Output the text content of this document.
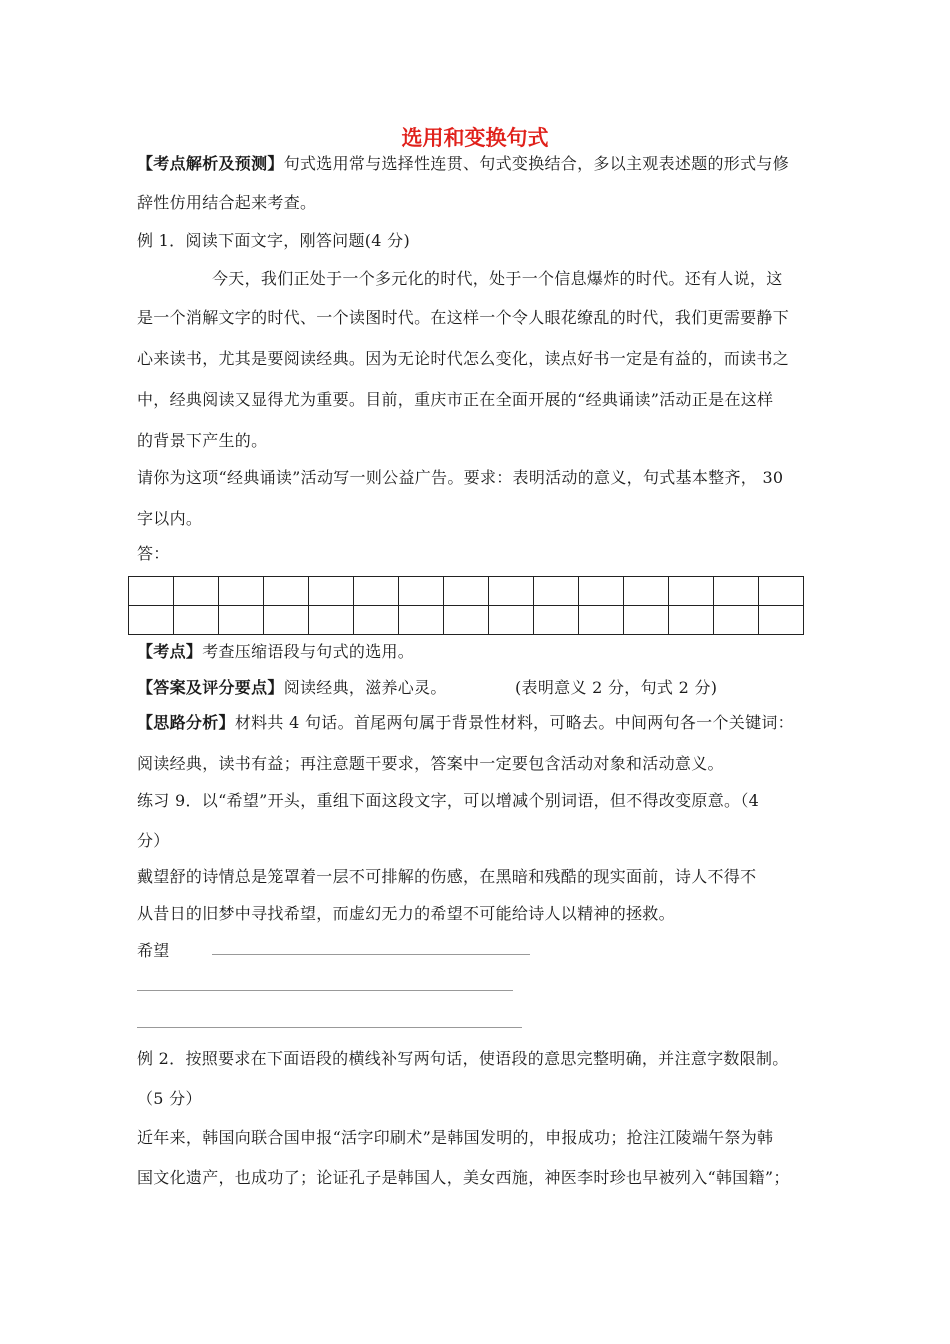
选用和变换句式
【考点解析及预测】句式选用常与选择性连贯、句式变换结合，多以主观表述题的形式与修
辞性仿用结合起来考查。
例 1．阅读下面文字，刚答问题(4 分)
今天，我们正处于一个多元化的时代，处于一个信息爆炸的时代。还有人说，这
是一个消解文字的时代、一个读图时代。在这样一个令人眼花缭乱的时代，我们更需要静下
心来读书，尤其是要阅读经典。因为无论时代怎么变化，读点好书一定是有益的，而读书之
中，经典阅读又显得尤为重要。目前，重庆市正在全面开展的“经典诵读”活动正是在这样
的背景下产生的。
请你为这项“经典诵读”活动写一则公益广告。要求：表明活动的意义，句式基本整齐， 30
字以内。
答：

【考点】考查压缩语段与句式的选用。
【答案及评分要点】阅读经典，滋养心灵。	(表明意义 2 分，句式 2 分)
【思路分析】材料共 4 句话。首尾两句属于背景性材料，可略去。中间两句各一个关键词：
阅读经典，读书有益；再注意题干要求，答案中一定要包含活动对象和活动意义。
练习 9．以“希望”开头，重组下面这段文字，可以增减个别词语，但不得改变原意。（4
分）
戴望舒的诗情总是笼罩着一层不可排解的伤感，在黑暗和残酷的现实面前，诗人不得不
从昔日的旧梦中寻找希望，而虚幻无力的希望不可能给诗人以精神的拯救。
希望
例 2．按照要求在下面语段的横线补写两句话，使语段的意思完整明确，并注意字数限制。
（5 分）
近年来，韩国向联合国申报“活字印刷术”是韩国发明的，申报成功；抢注江陵端午祭为韩
国文化遗产，也成功了；论证孔子是韩国人，美女西施，神医李时珍也早被列入“韩国籍”；
